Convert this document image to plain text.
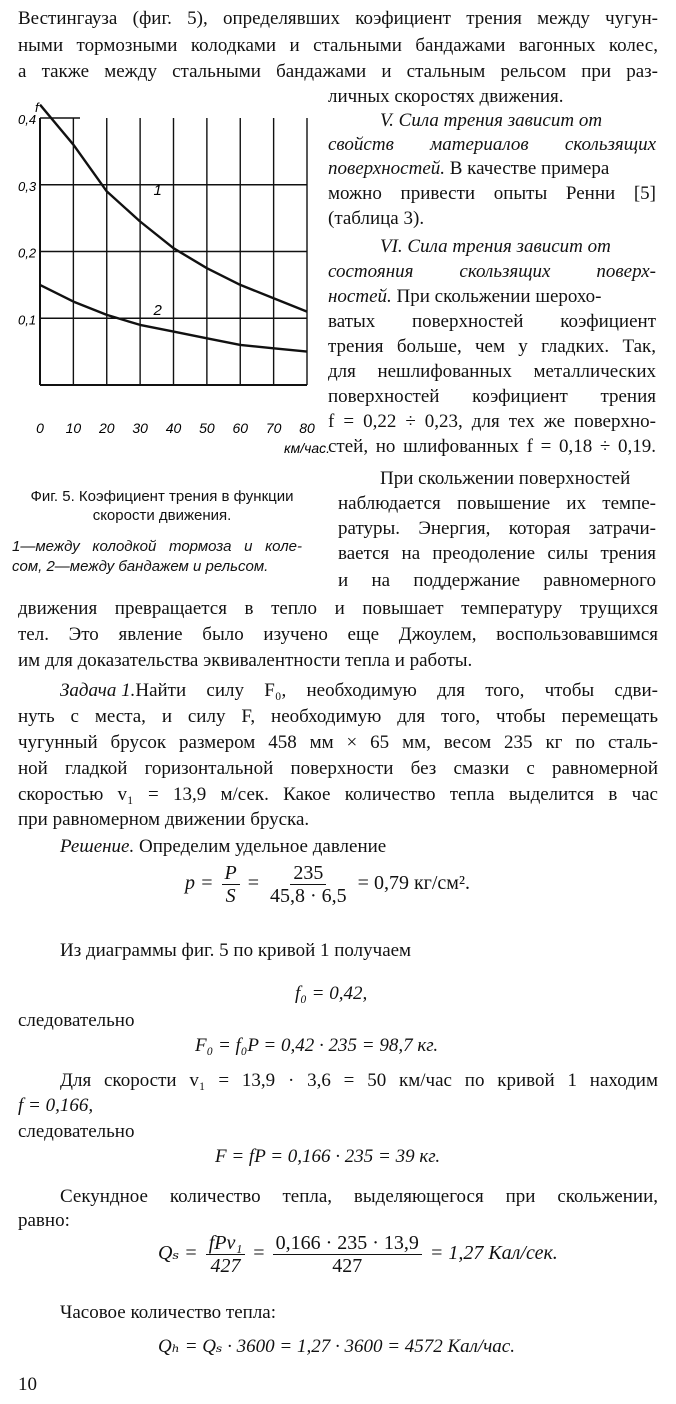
Вестингауза (фиг. 5), определявших коэфициент трения между чугун-
ными тормозными колодками и стальными бандажами вагонных колес,
а также между стальными бандажами и стальным рельсом при раз-
0,4
0,3
0,2
0,1
f
0 10 20 30 40 50 60 70 80
км/час.
1
2
Фиг. 5. Коэфициент трения в функции
скорости движения.
1—между колодкой тормоза и коле-
сом, 2—между бандажем и рельсом.
личных скоростях движения.
V. Сила трения зависит от
свойств материалов скользящих
поверхностей. В качестве примера
можно привести опыты Ренни [5]
(таблица 3).
VI. Сила трения зависит от
состояния скользящих поверх-
ностей. При скольжении шерохо-
ватых поверхностей коэфициент
трения больше, чем у гладких. Так,
для нешлифованных металлических
поверхностей коэфициент трения
f = 0,22 ÷ 0,23, для тех же поверхно-
стей, но шлифованных f = 0,18 ÷ 0,19.
При скольжении поверхностей
наблюдается повышение их темпе-
ратуры. Энергия, которая затрачи-
вается на преодоление силы трения
и на поддержание равномерного
движения превращается в тепло и повышает температуру трущихся
тел. Это явление было изучено еще Джоулем, воспользовавшимся
им для доказательства эквивалентности тепла и работы.
Задача 1. Найти силу F₀, необходимую для того, чтобы сдви-
нуть с места, и силу F, необходимую для того, чтобы перемещать
чугунный брусок размером 458 мм × 65 мм, весом 235 кг по сталь-
ной гладкой горизонтальной поверхности без смазки с равномерной
скоростью v₁ = 13,9 м/сек. Какое количество тепла выделится в час
при равномерном движении бруска.
Решение. Определим удельное давление
$p = \frac{P}{S} = \frac{235}{45,8 \cdot 6,5} = 0,79$ кг/см².
Из диаграммы фиг. 5 по кривой 1 получаем
f₀ = 0,42,
следовательно
F₀ = f₀P = 0,42 · 235 = 98,7 кг.
Для скорости v₁ = 13,9 · 3,6 = 50 км/час по кривой 1 находим
f = 0,166,
следовательно
F = fP = 0,166 · 235 = 39 кг.
Секундное количество тепла, выделяющегося при скольжении,
равно:
$Q_s = \frac{\text{fPv₁}}{427} = \frac{0,166 \cdot 235 \cdot 13,9}{427} = 1,27$ Кал/сек.
Часовое количество тепла:
Qₕ = Qₛ · 3600 = 1,27 · 3600 = 4572 Кал/час.
10
